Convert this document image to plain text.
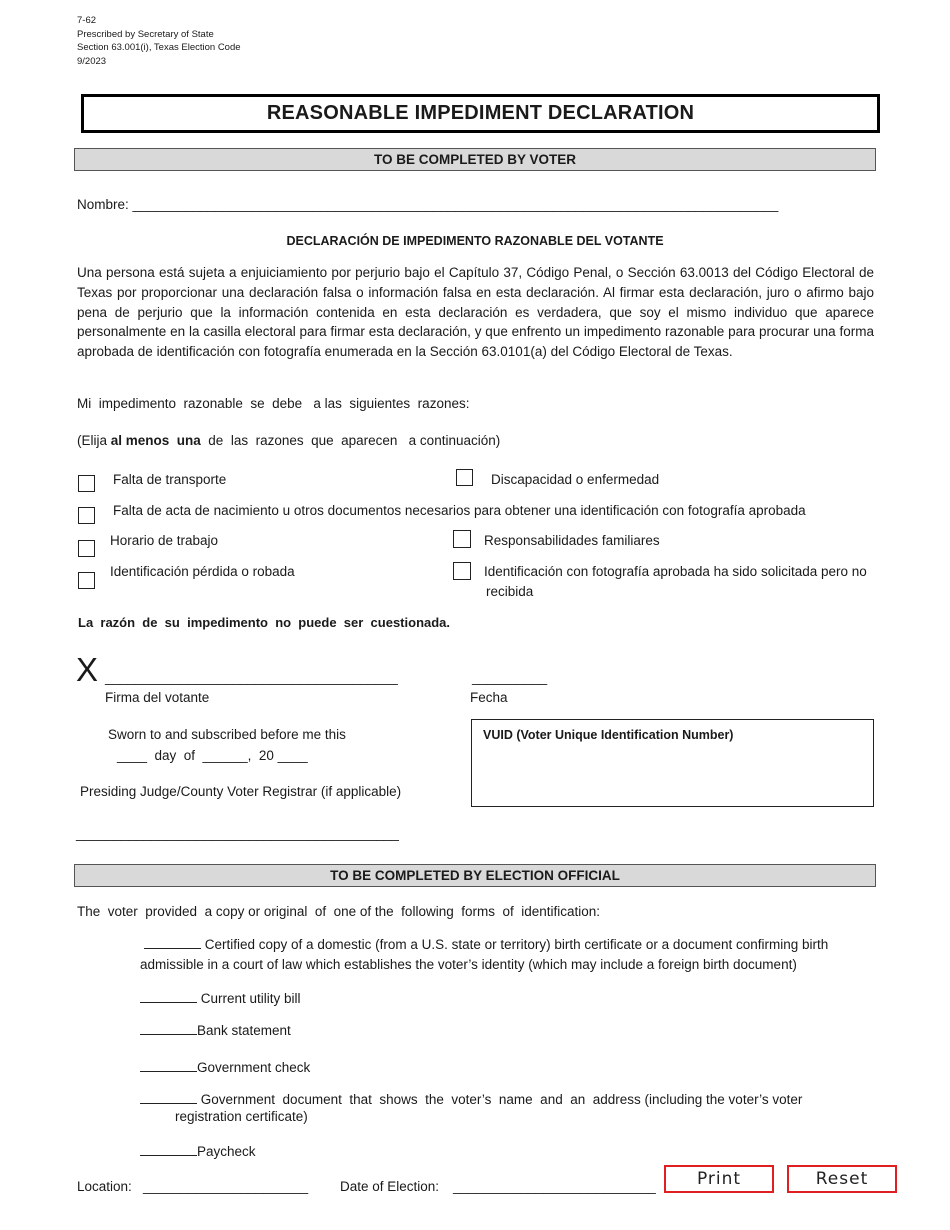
7-62
Prescribed by Secretary of State
Section 63.001(i), Texas Election Code
9/2023
REASONABLE IMPEDIMENT DECLARATION
TO BE COMPLETED BY VOTER
Nombre: ______________________________________________________________________________________
DECLARACIÓN DE IMPEDIMENTO RAZONABLE DEL VOTANTE
Una persona está sujeta a enjuiciamiento por perjurio bajo el Capítulo 37, Código Penal, o Sección 63.0013 del Código Electoral de Texas por proporcionar una declaración falsa o información falsa en esta declaración. Al firmar esta declaración, juro o afirmo bajo pena de perjurio que la información contenida en esta declaración es verdadera, que soy el mismo individuo que aparece personalmente en la casilla electoral para firmar esta declaración, y que enfrento un impedimento razonable para procurar una forma aprobada de identificación con fotografía enumerada en la Sección 63.0101(a) del Código Electoral de Texas.
Mi  impedimento  razonable  se  debe   a las  siguientes  razones:
(Elija al menos  una  de  las  razones  que  aparecen   a continuación)
Falta de transporte	Discapacidad o enfermedad
Falta de acta de nacimiento u otros documentos necesarios para obtener una identificación con fotografía aprobada
Horario de trabajo	Responsabilidades familiares
Identificación pérdida o robada	Identificación con fotografía aprobada ha sido solicitada pero no
recibida
La  razón  de  su  impedimento  no  puede  ser  cuestionada.
X _______________________________________	__________
Firma del votante	Fecha
Sworn to and subscribed before me this
____  day  of  ______,  20 ____
VUID (Voter Unique Identification Number)
Presiding Judge/County Voter Registrar (if applicable)
___________________________________________
TO BE COMPLETED BY ELECTION OFFICIAL
The  voter  provided  a copy or original  of  one of the  following  forms  of  identification:
Certified copy of a domestic (from a U.S. state or territory) birth certificate or a document confirming birth admissible in a court of law which establishes the voter’s identity (which may include a foreign birth document)
Current utility bill
Bank statement
Government check
Government  document  that  shows  the  voter’s  name  and  an  address (including the voter’s voter
registration certificate)
Paycheck
Location: ______________________ Date of Election: ___________________________	Print	Reset
